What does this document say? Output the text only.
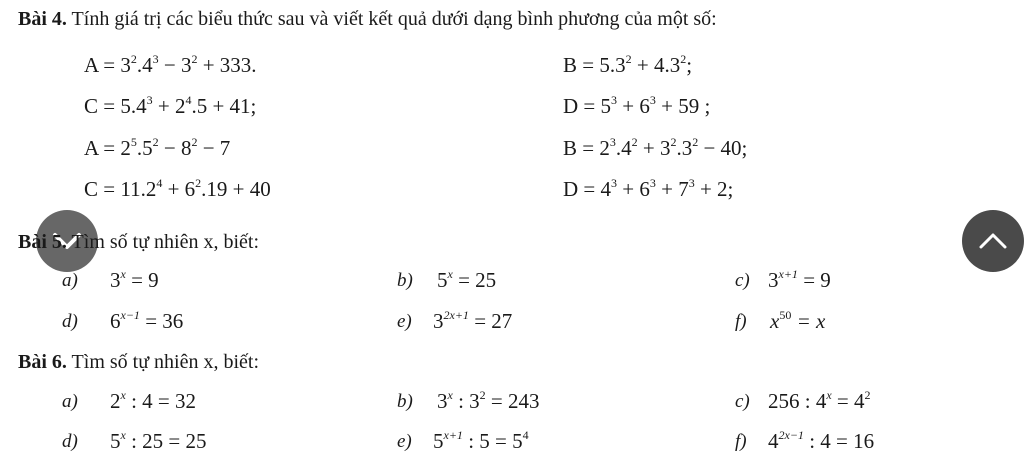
Bài 4. Tính giá trị các biểu thức sau và viết kết quả dưới dạng bình phương của một số:
$A = 3^2.4^3 - 3^2 + 333$.	$B = 5.3^2 + 4.3^2$;
$C = 5.4^3 + 2^4.5 + 41$;	$D = 5^3 + 6^3 + 59$ ;
$A = 2^5.5^2 - 8^2 - 7$	$B = 2^3.4^2 + 3^2.3^2 - 40$;
$C = 11.2^4 + 6^2.19 + 40$	$D = 4^3 + 6^3 + 7^3 + 2$;
Bài 5. Tìm số tự nhiên x, biết:
a) $3^x = 9$	b) $5^x = 25$	c) $3^{x+1} = 9$
d) $6^{x-1} = 36$	e) $3^{2x+1} = 27$	f) $x^{50} = x$
Bài 6. Tìm số tự nhiên x, biết:
a) 2$^x$ : 4 = 32	b) 3$^x$ : $3^2 = 243$	c) 256 : $4^x = 4^2$
d) 5$^x$ : 25 = 25	e) $5^{x+1}$ : $5 = 5^4$	f) $4^{2x-1}$ : 4 = 16
